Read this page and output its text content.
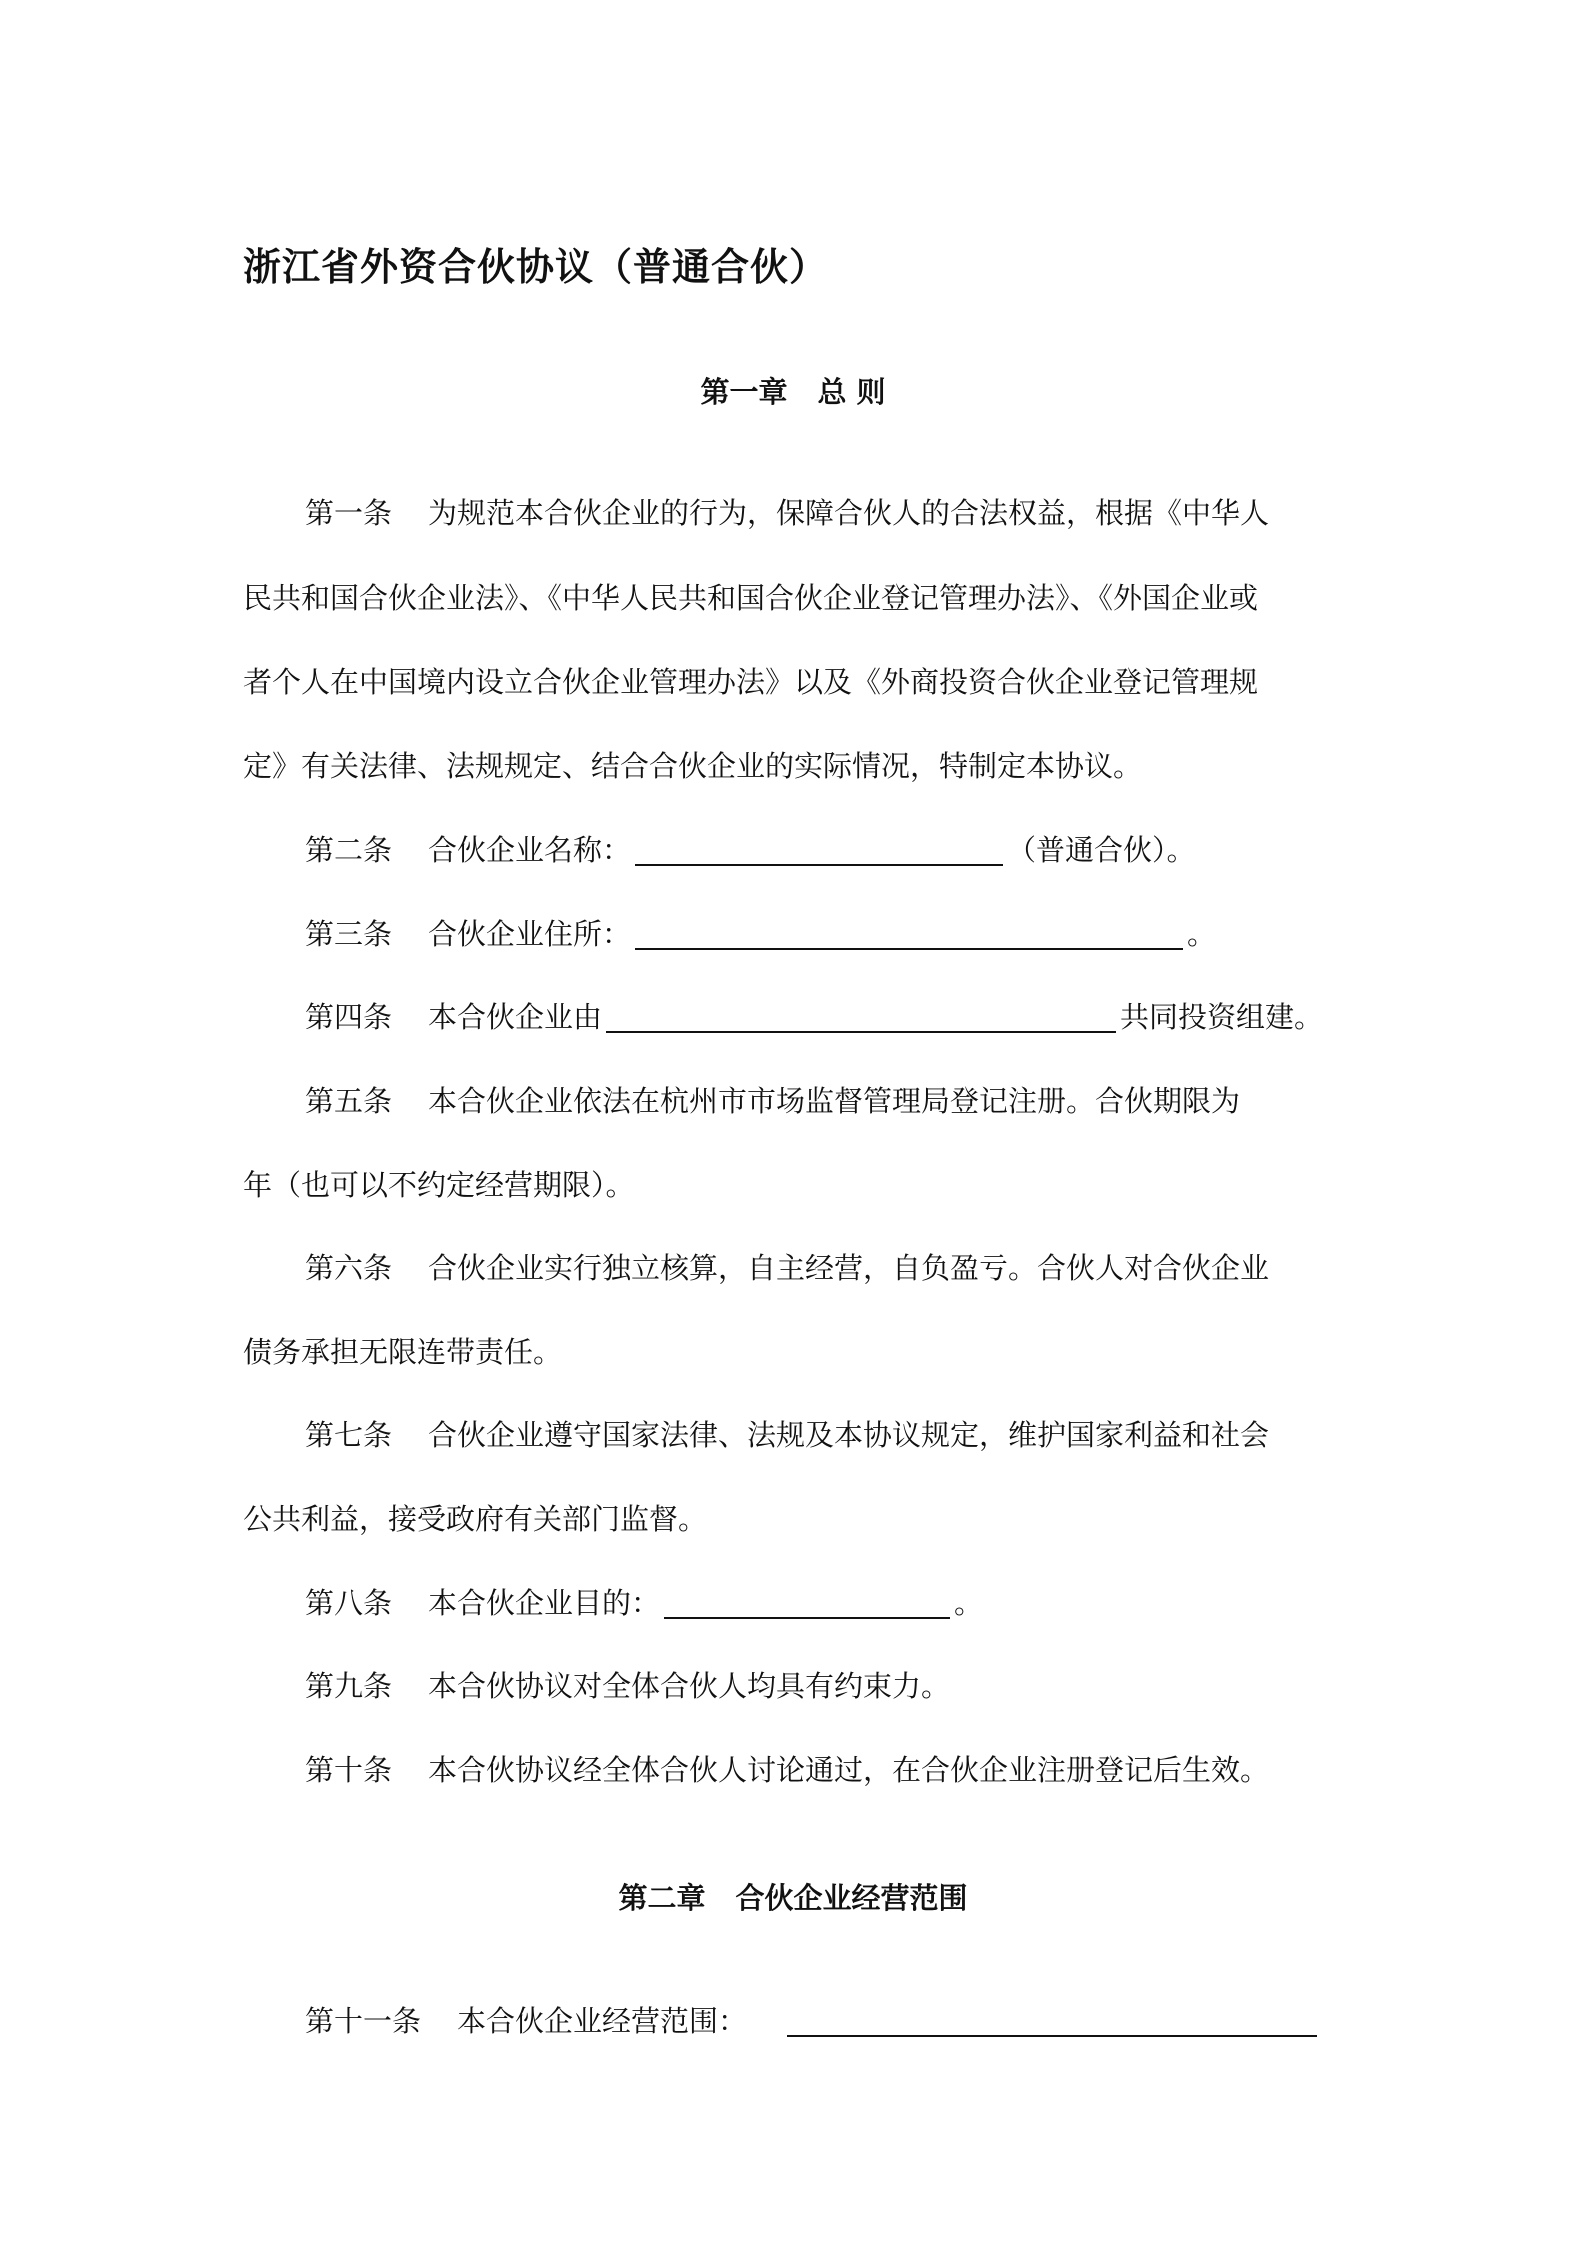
浙江省外资合伙协议（普通合伙）
第一章 总 则
第一条 为规范本合伙企业的行为，保障合伙人的合法权益，根据《中华人
民共和国合伙企业法》、《中华人民共和国合伙企业登记管理办法》、《外国企业或
者个人在中国境内设立合伙企业管理办法》以及《外商投资合伙企业登记管理规
定》有关法律、法规规定、结合合伙企业的实际情况，特制定本协议。
第二条 合伙企业名称：	（普通合伙）。
第三条 合伙企业住所：	。
第四条 本合伙企业由	共同投资组建。
第五条 本合伙企业依法在杭州市市场监督管理局登记注册。合伙期限为
年（也可以不约定经营期限）。
第六条 合伙企业实行独立核算，自主经营，自负盈亏。合伙人对合伙企业
债务承担无限连带责任。
第七条 合伙企业遵守国家法律、法规及本协议规定，维护国家利益和社会
公共利益，接受政府有关部门监督。
第八条 本合伙企业目的：	。
第九条 本合伙协议对全体合伙人均具有约束力。
第十条 本合伙协议经全体合伙人讨论通过，在合伙企业注册登记后生效。
第二章 合伙企业经营范围
第十一条 本合伙企业经营范围：
